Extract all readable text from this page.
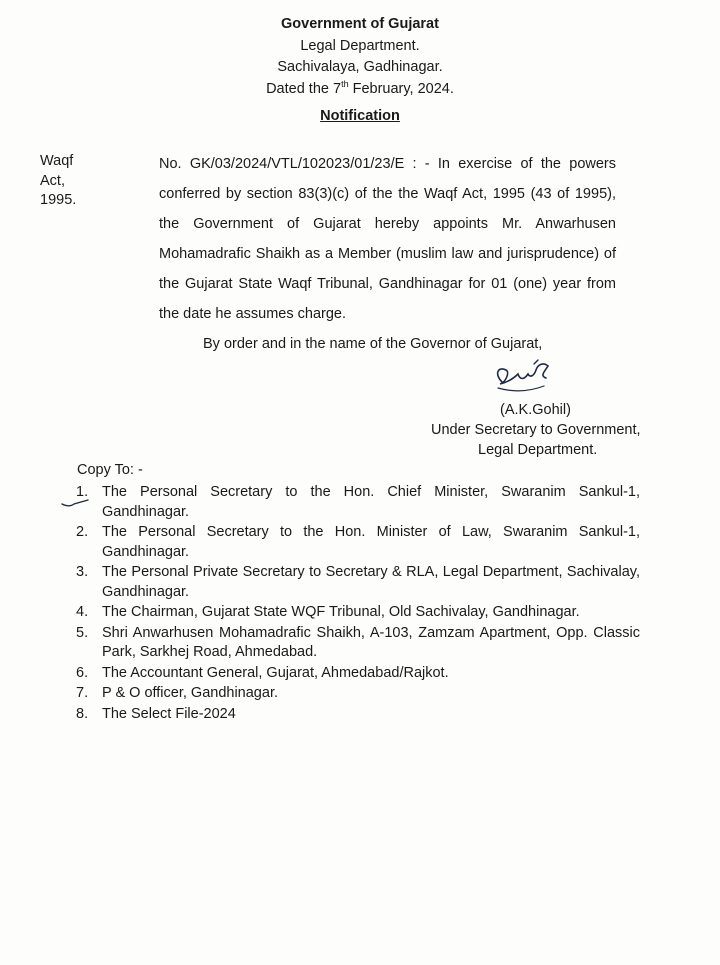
Government of Gujarat
Legal Department.
Sachivalaya, Gadhinagar.
Dated the 7th February, 2024.
Notification
Waqf
Act,
1995.

No. GK/03/2024/VTL/102023/01/23/E : - In exercise of the powers conferred by section 83(3)(c) of the the Waqf Act, 1995 (43 of 1995), the Government of Gujarat hereby appoints Mr. Anwarhusen Mohamadrafic Shaikh as a Member (muslim law and jurisprudence) of the Gujarat State Waqf Tribunal, Gandhinagar for 01 (one) year from the date he assumes charge.

By order and in the name of the Governor of Gujarat,
(A.K.Gohil)
Under Secretary to Government,
Legal Department.
Copy To: -
1. The Personal Secretary to the Hon. Chief Minister, Swaranim Sankul-1, Gandhinagar.
2. The Personal Secretary to the Hon. Minister of Law, Swaranim Sankul-1, Gandhinagar.
3. The Personal Private Secretary to Secretary & RLA, Legal Department, Sachivalay, Gandhinagar.
4. The Chairman, Gujarat State WQF Tribunal, Old Sachivalay, Gandhinagar.
5. Shri Anwarhusen Mohamadrafic Shaikh, A-103, Zamzam Apartment, Opp. Classic Park, Sarkhej Road, Ahmedabad.
6. The Accountant General, Gujarat, Ahmedabad/Rajkot.
7. P & O officer, Gandhinagar.
8. The Select File-2024
